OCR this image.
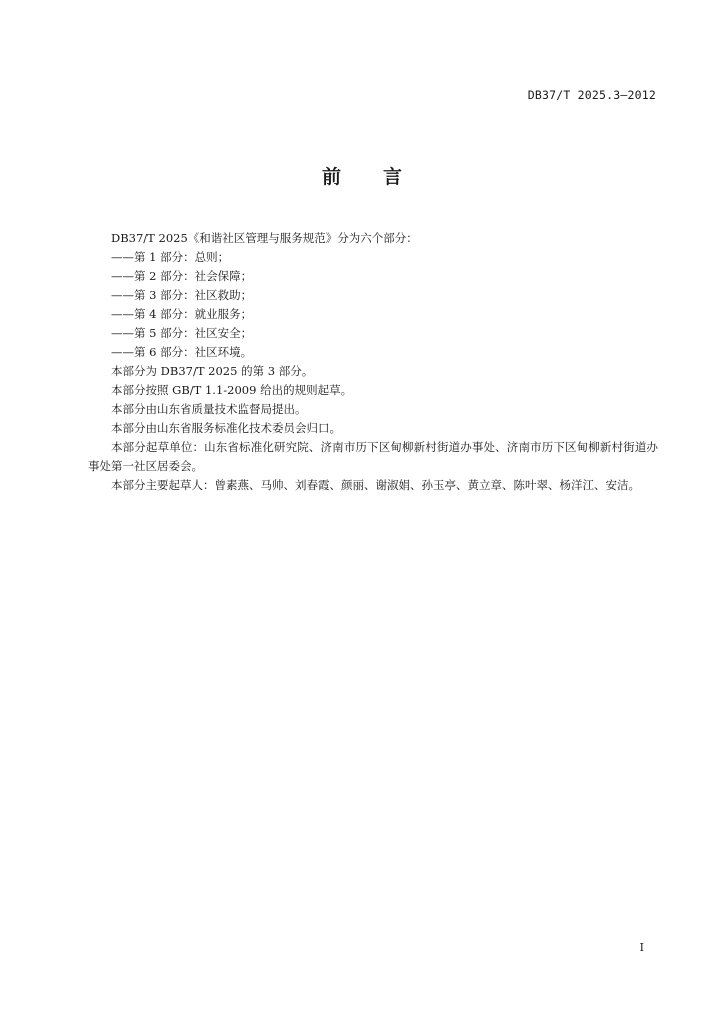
DB37/T 2025.3—2012
前 言

DB37/T 2025《和谐社区管理与服务规范》分为六个部分：

——第 1 部分：总则；

——第 2 部分：社会保障；

——第 3 部分：社区救助；

——第 4 部分：就业服务；

——第 5 部分：社区安全；

——第 6 部分：社区环境。

本部分为 DB37/T 2025 的第 3 部分。

本部分按照 GB/T 1.1-2009 给出的规则起草。

本部分由山东省质量技术监督局提出。

本部分由山东省服务标准化技术委员会归口。

本部分起草单位：山东省标准化研究院、济南市历下区甸柳新村街道办事处、济南市历下区甸柳新村街道办事处第一社区居委会。

本部分主要起草人：曾素燕、马帅、刘春霞、颜丽、谢淑娟、孙玉亭、黄立章、陈叶翠、杨洋江、安洁。

I
